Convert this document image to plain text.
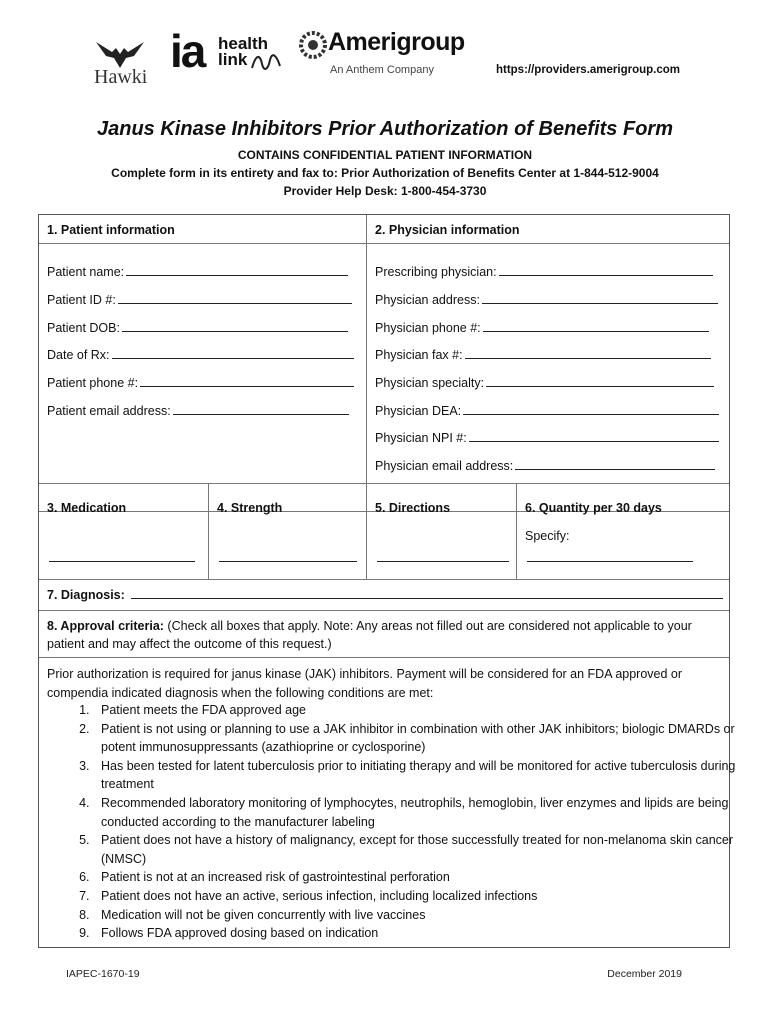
Hawki ia health
link
Amerigroup
An Anthem Company	https://providers.amerigroup.com
Janus Kinase Inhibitors Prior Authorization of Benefits Form
CONTAINS CONFIDENTIAL PATIENT INFORMATION
Complete form in its entirety and fax to: Prior Authorization of Benefits Center at 1-844-512-9004
Provider Help Desk: 1-800-454-3730
1. Patient information
Patient name:
Patient ID #:
Patient DOB:
Date of Rx:
Patient phone #:
Patient email address:
2. Physician information
Prescribing physician:
Physician address:
Physician phone #:
Physician fax #:
Physician specialty:
Physician DEA:
Physician NPI #:
Physician email address:
3. Medication	4. Strength	5. Directions	6. Quantity per 30 days
Specify:
7. Diagnosis:
8. Approval criteria: (Check all boxes that apply. Note: Any areas not filled out are considered not applicable to your patient and may affect the outcome of this request.)
Prior authorization is required for janus kinase (JAK) inhibitors. Payment will be considered for an FDA approved or compendia indicated diagnosis when the following conditions are met:
1. Patient meets the FDA approved age
2. Patient is not using or planning to use a JAK inhibitor in combination with other JAK inhibitors; biologic DMARDs or potent immunosuppressants (azathioprine or cyclosporine)
3. Has been tested for latent tuberculosis prior to initiating therapy and will be monitored for active tuberculosis during treatment
4. Recommended laboratory monitoring of lymphocytes, neutrophils, hemoglobin, liver enzymes and lipids are being conducted according to the manufacturer labeling
5. Patient does not have a history of malignancy, except for those successfully treated for non-melanoma skin cancer (NMSC)
6. Patient is not at an increased risk of gastrointestinal perforation
7. Patient does not have an active, serious infection, including localized infections
8. Medication will not be given concurrently with live vaccines
9. Follows FDA approved dosing based on indication
IAPEC-1670-19	December 2019
